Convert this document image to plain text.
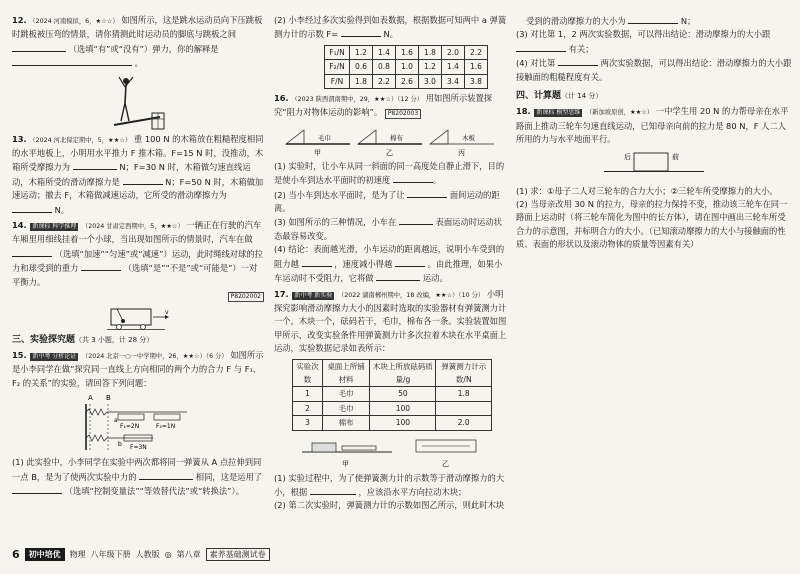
12. （2024 河南模拟，6，★☆☆） 如图所示，这是跳水运动员向下压跳板时跳板被压弯的情景，请你猜测此时运动员的脚底与跳板之间  （选填“有”或“没有”）弹力，你的解释是  。

13. （2024 河北保定期中，5，★★☆） 重 100 N 的木箱放在粗糙程度相同的水平地板上，小明用水平推力 F 推木箱。F=15 N 时，没推动，木箱所受摩擦力为	N；F=30 N 时，木箱做匀速直线运动，木箱所受的滑动摩擦力是	N；F=50 N 时，木箱做加速运动；撤去 F，木箱做减速运动，它所受的滑动摩擦力为  N。

14. 新课标 科学推理 （2024 甘肃定西期中，5，★★☆） 一辆正在行驶的汽车车厢里用细线挂着一个小球，当出现如图所示的情景时，汽车在做  （选填“加速”“匀速”或“减速”）运动，此时绳线对球的拉力和球受到的重力	（选填“是”“不是”或“可能是”）一对平衡力。

P8202002
v

三、实验探究题（共 3 小题，计 28 分）

15. 新中考 分析论证 （2024 北京一○一中学期中，26，★★☆）（6 分） 如图所示是小李同学在做“探究同一直线上方向相同的两个力的合力 F 与 F₁、F₂ 的关系”的实验，请回答下列问题：

A B
F₁=2N	F₂=1N
F=3N
a
b

(1) 此实验中，小李同学在实验中两次都将同一弹簧从 A 点拉伸到同一点 B，是为了使两次实验中力的	相同，这是运用了  （选填“控制变量法”“等效替代法”或“转换法”）。

(2) 小李经过多次实验得到如表数据，根据数据可知两中 a 弹簧测力计的示数 F=	N。

F₁/N	1.2	1.4	1.6	1.8	2.0	2.2
F₂/N	0.6	0.8	1.0	1.2	1.4	1.6
F/N	1.8	2.2	2.6	3.0	3.4	3.8

16. （2023 陕西渭南期中，29，★★☆）（12 分） 用如图所示装置探究“阻力对物体运动的影响”。 P8202003

毛巾
甲
棉布
乙
木板
丙

(1) 实验时，让小车从同一斜面的同一高度处自静止滑下，目的是使小车到达水平面时的初速度	。

(2) 当小车到达水平面时，是为了让	面间运动的距离。

(3) 如图所示的三种情况，小车在	表面运动时运动状态最容易改变。

(4) 结论：表面越光滑，小车运动的距离越远，说明小车受到的阻力越	，速度减小得越	。由此推理，如果小车运动时不受阻力，它将做	运动。

17. 新中考 新实验 （2022 湖南郴州期中，18 改编，★★☆）（10 分） 小明探究影响滑动摩擦力大小的因素时选取的实验器材有弹簧测力计一个，木块一个，砝码若干，毛巾，棉布各一条。实验装置如图甲所示，改变实验条件用弹簧测力计多次拉着木块在水平桌面上运动，实验数据记录如表所示：

实验次数	桌面上所铺材料	木块上所放砝码质量/g	弹簧测力计示数/N
1	毛巾	50	1.8
2	毛巾	100	
3	棉布	100	2.0
甲	乙

(1) 实验过程中，为了使弹簧测力计的示数等于滑动摩擦力的大小，根据	，应该沿水平方向拉动木块；

(2) 第二次实验时，弹簧测力计的示数如图乙所示，则此时木块

受到的滑动摩擦力的大小为	N；

(3) 对比第 1，2 两次实验数据，可以得出结论：滑动摩擦力的大小跟  有关；

(4) 对比第	两次实验数据，可以得出结论：滑动摩擦力的大小跟接触面的粗糙程度有关。

四、计算题（计 14 分）

18. 新课标 模型思维 （新加坡原创，★★☆） 一中学生用 20 N 的力帮母亲在水平路面上推动三轮车匀速直线运动，已知母亲向前的拉力是 80 N，F 人二人所用的力与水平地面平行。

后	前

(1) 求：①母子二人对三轮车的合力大小；②三轮车所受摩擦力的大小。

(2) 当母亲改用 30 N 的拉力，母亲的拉力保持不变，推动该三轮车在同一路面上运动时（将三轮车简化为图中的长方体），请在图中画出三轮车所受合力的示意图，并标明合力的大小。（已知滚动摩擦力的大小与接触面的性质、表面的形状以及滚动物体的质量等因素有关）

6	初中培优	物理 八年级下册 人教版 ◎ 第八章	素养基础测试卷
